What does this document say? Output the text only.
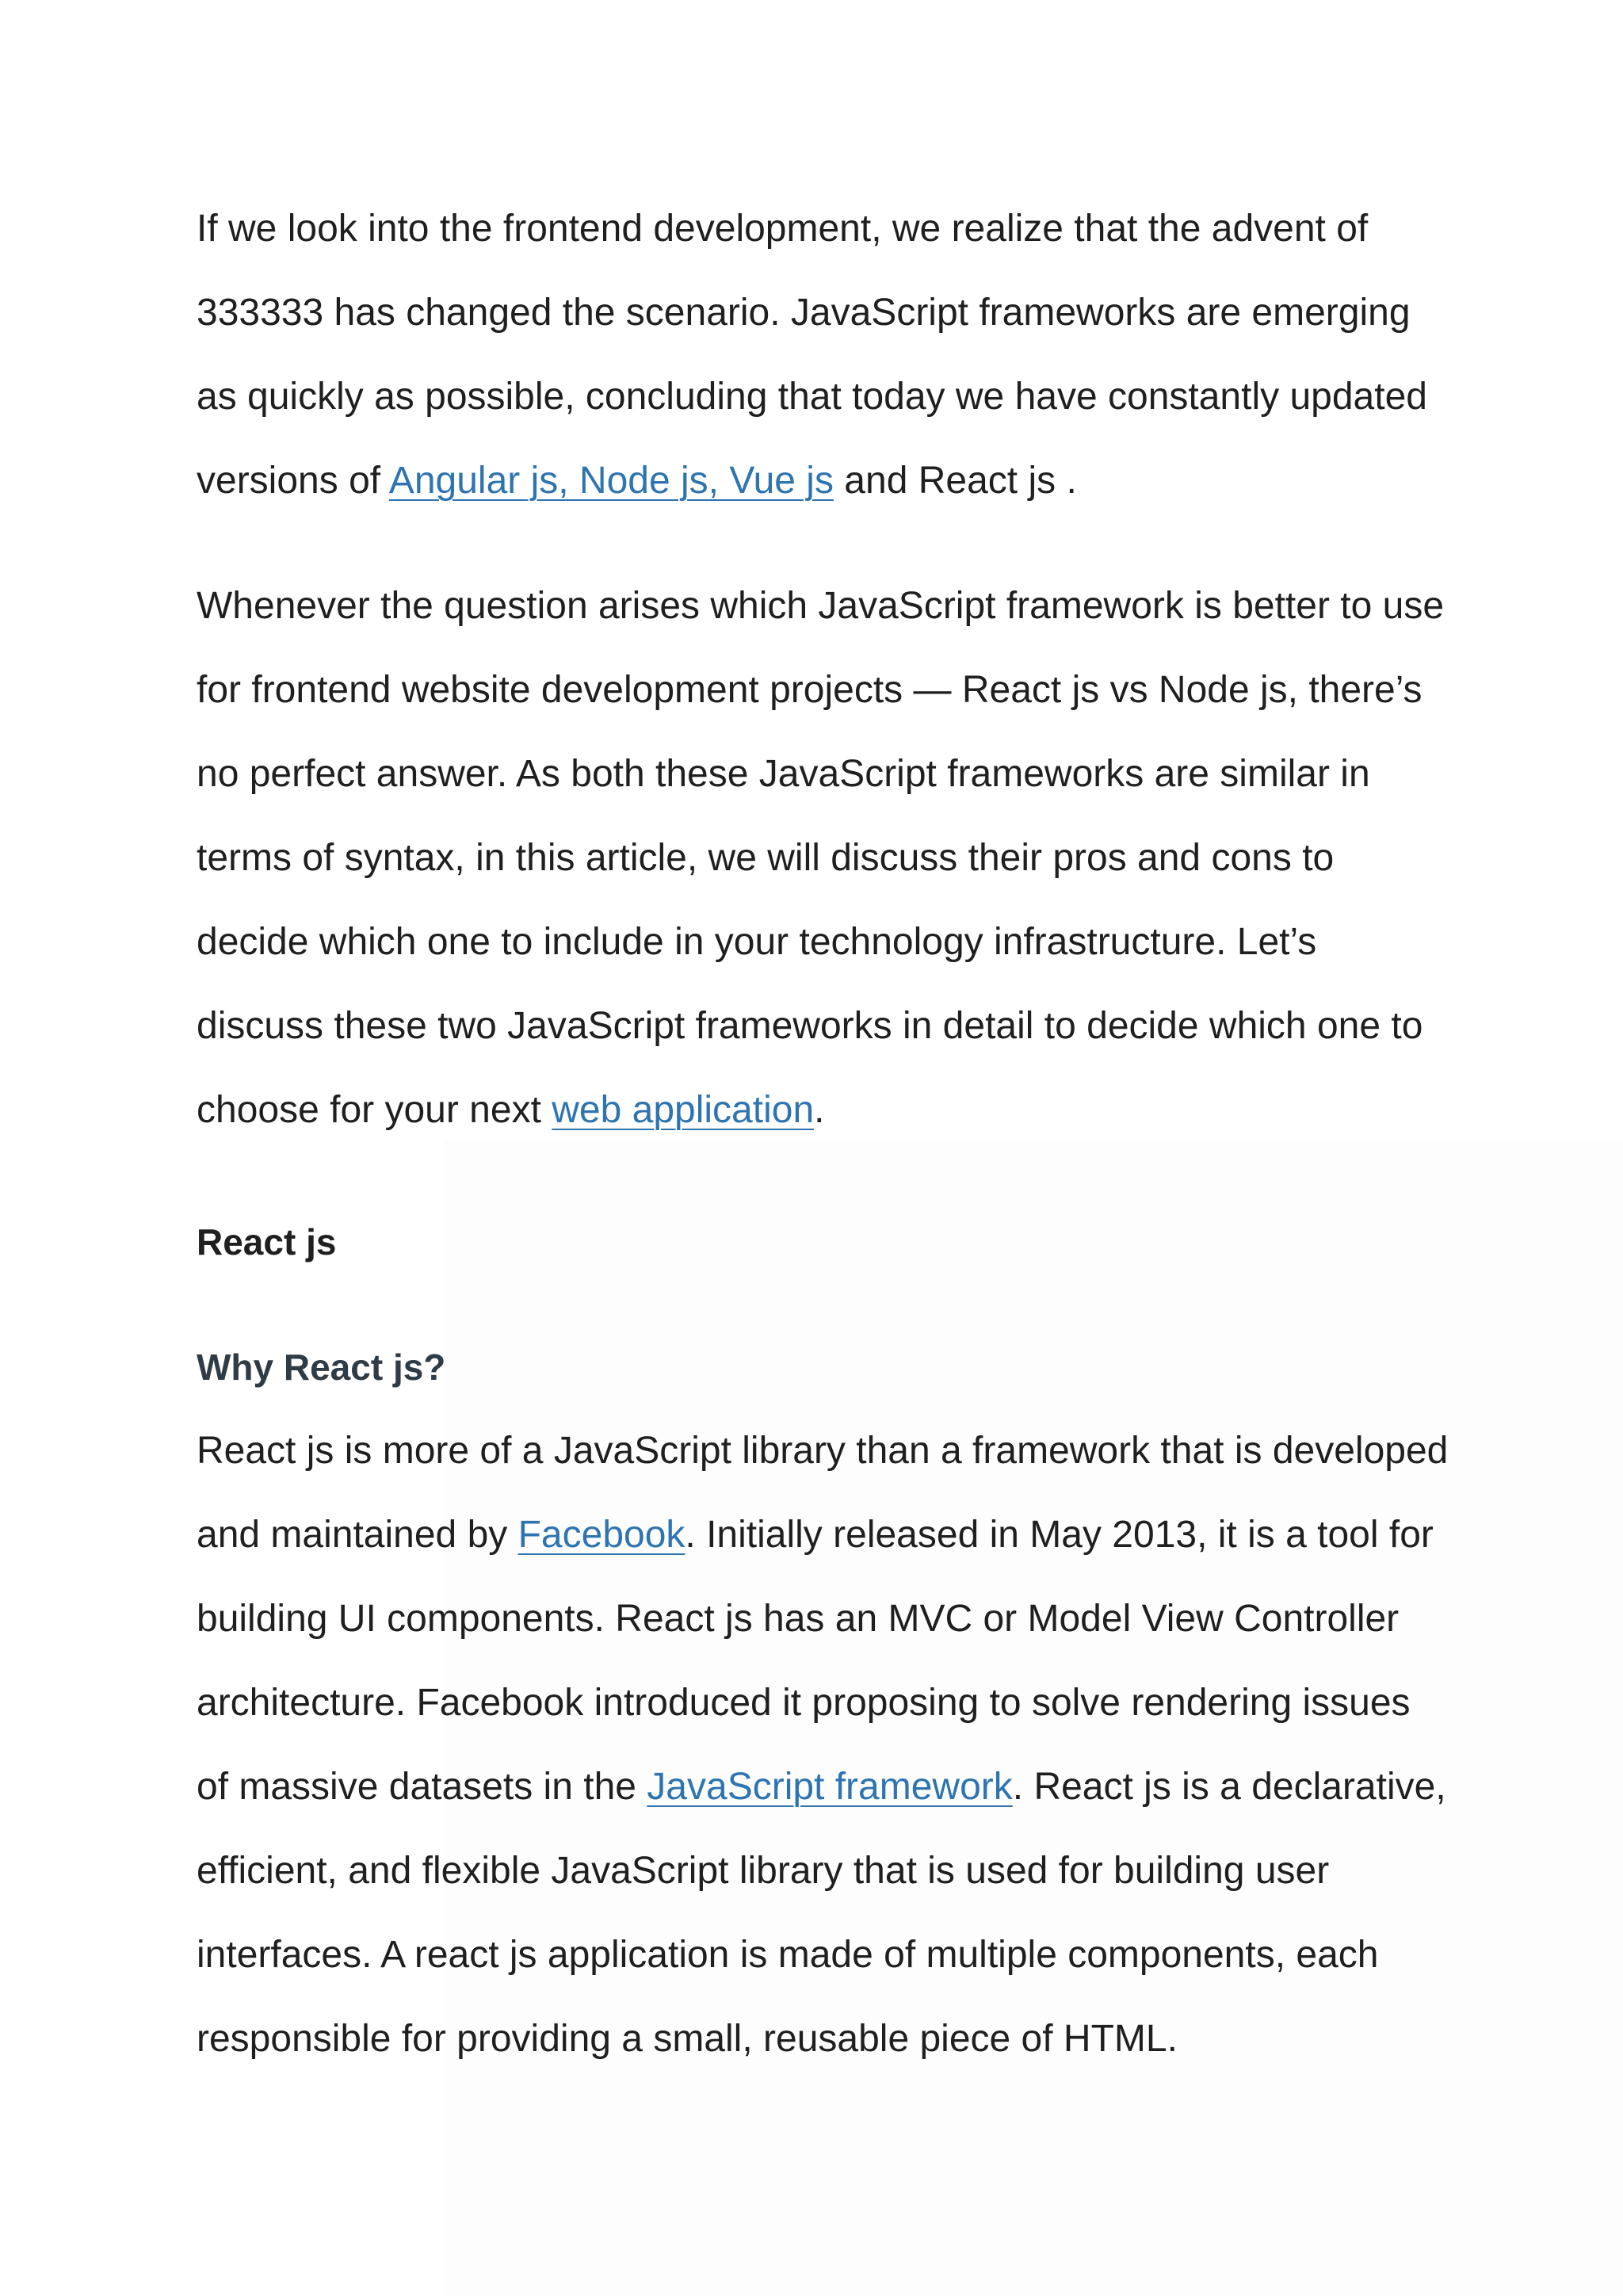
If we look into the frontend development, we realize that the advent of 333333 has changed the scenario. JavaScript frameworks are emerging as quickly as possible, concluding that today we have constantly updated versions of Angular js, Node js, Vue js and React js .

Whenever the question arises which JavaScript framework is better to use for frontend website development projects — React js vs Node js, there’s no perfect answer. As both these JavaScript frameworks are similar in terms of syntax, in this article, we will discuss their pros and cons to decide which one to include in your technology infrastructure. Let’s discuss these two JavaScript frameworks in detail to decide which one to choose for your next web application.

React js
Why React js?

React js is more of a JavaScript library than a framework that is developed and maintained by Facebook. Initially released in May 2013, it is a tool for building UI components. React js has an MVC or Model View Controller architecture. Facebook introduced it proposing to solve rendering issues of massive datasets in the JavaScript framework. React js is a declarative, efficient, and flexible JavaScript library that is used for building user interfaces. A react js application is made of multiple components, each responsible for providing a small, reusable piece of HTML.
